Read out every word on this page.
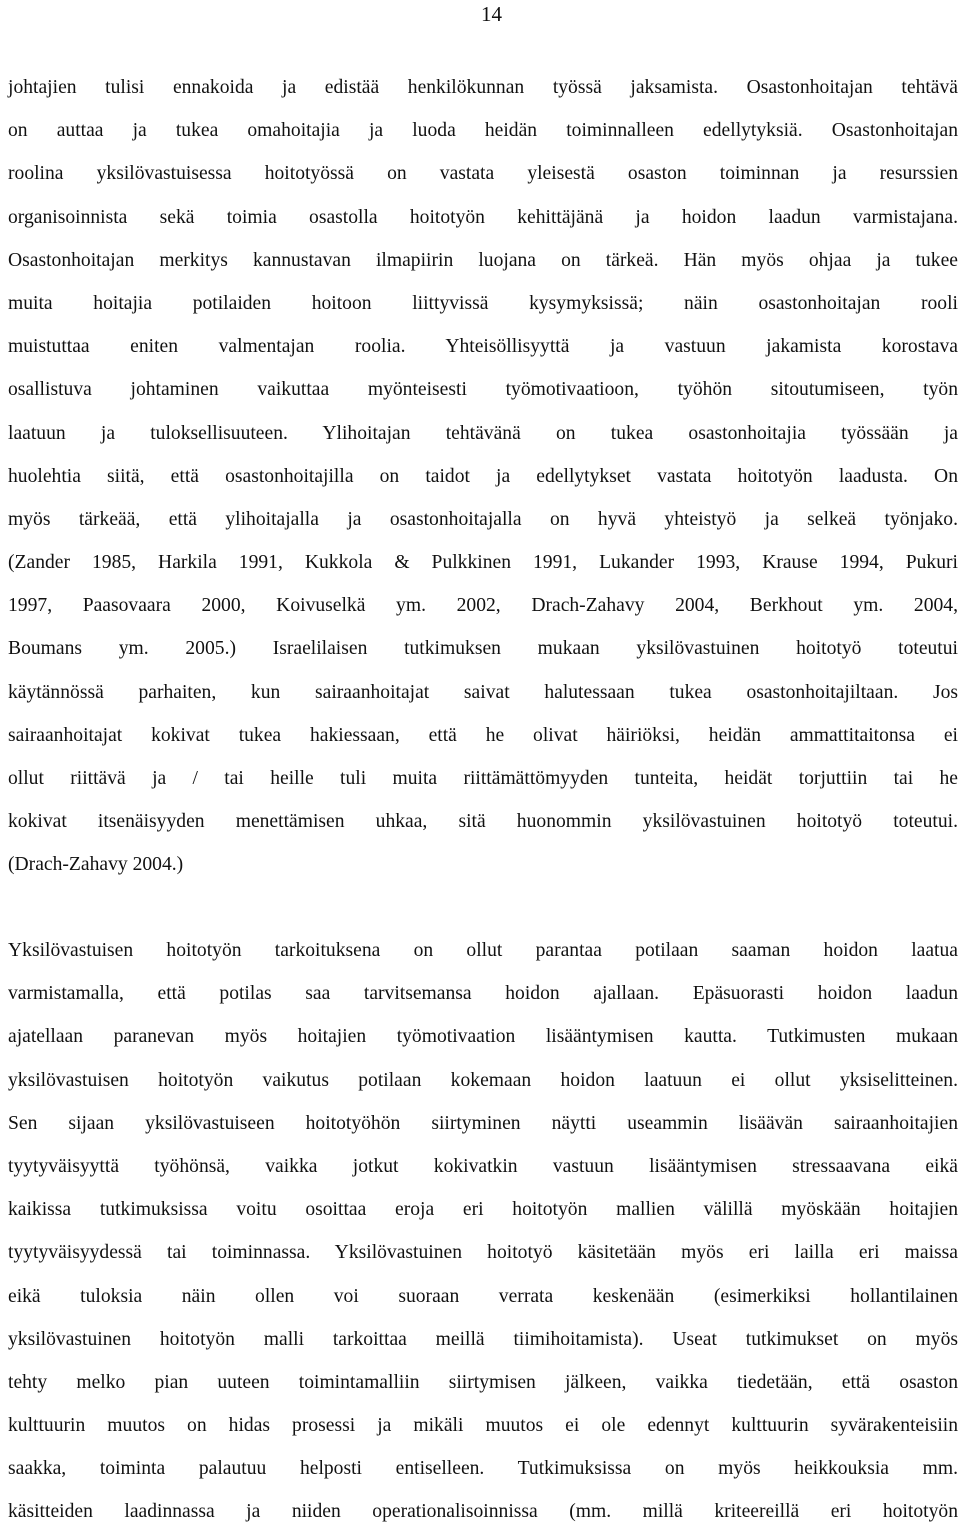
14
johtajien tulisi ennakoida ja edistää henkilökunnan työssä jaksamista. Osastonhoitajan tehtävä
on auttaa ja tukea omahoitajia ja luoda heidän toiminnalleen edellytyksiä. Osastonhoitajan
roolina yksilövastuisessa hoitotyössä on vastata yleisestä osaston toiminnan ja resurssien
organisoinnista sekä toimia osastolla hoitotyön kehittäjänä ja hoidon laadun varmistajana.
Osastonhoitajan merkitys kannustavan ilmapiirin luojana on tärkeä. Hän myös ohjaa ja tukee
muita hoitajia potilaiden hoitoon liittyvissä kysymyksissä; näin osastonhoitajan rooli
muistuttaa eniten valmentajan roolia. Yhteisöllisyyttä ja vastuun jakamista korostava
osallistuva johtaminen vaikuttaa myönteisesti työmotivaatioon, työhön sitoutumiseen, työn
laatuun ja tuloksellisuuteen. Ylihoitajan tehtävänä on tukea osastonhoitajia työssään ja
huolehtia siitä, että osastonhoitajilla on taidot ja edellytykset vastata hoitotyön laadusta. On
myös tärkeää, että ylihoitajalla ja osastonhoitajalla on hyvä yhteistyö ja selkeä työnjako.
(Zander 1985, Harkila 1991, Kukkola & Pulkkinen 1991, Lukander 1993, Krause 1994, Pukuri
1997, Paasovaara 2000, Koivuselkä ym. 2002, Drach-Zahavy 2004, Berkhout ym. 2004,
Boumans ym. 2005.) Israelilaisen tutkimuksen mukaan yksilövastuinen hoitotyö toteutui
käytännössä parhaiten, kun sairaanhoitajat saivat halutessaan tukea osastonhoitajiltaan. Jos
sairaanhoitajat kokivat tukea hakiessaan, että he olivat häiriöksi, heidän ammattitaitonsa ei
ollut riittävä ja / tai heille tuli muita riittämättömyyden tunteita, heidät torjuttiin tai he
kokivat itsenäisyyden menettämisen uhkaa, sitä huonommin yksilövastuinen hoitotyö toteutui.
(Drach-Zahavy 2004.)
Yksilövastuisen hoitotyön tarkoituksena on ollut parantaa potilaan saaman hoidon laatua
varmistamalla, että potilas saa tarvitsemansa hoidon ajallaan. Epäsuorasti hoidon laadun
ajatellaan paranevan myös hoitajien työmotivaation lisääntymisen kautta. Tutkimusten mukaan
yksilövastuisen hoitotyön vaikutus potilaan kokemaan hoidon laatuun ei ollut yksiselitteinen.
Sen sijaan yksilövastuiseen hoitotyöhön siirtyminen näytti useammin lisäävän sairaanhoitajien
tyytyväisyyttä työhönsä, vaikka jotkut kokivatkin vastuun lisääntymisen stressaavana eikä
kaikissa tutkimuksissa voitu osoittaa eroja eri hoitotyön mallien välillä myöskään hoitajien
tyytyväisyydessä tai toiminnassa. Yksilövastuinen hoitotyö käsitetään myös eri lailla eri maissa
eikä tuloksia näin ollen voi suoraan verrata keskenään (esimerkiksi hollantilainen
yksilövastuinen hoitotyön malli tarkoittaa meillä tiimihoitamista). Useat tutkimukset on myös
tehty melko pian uuteen toimintamalliin siirtymisen jälkeen, vaikka tiedetään, että osaston
kulttuurin muutos on hidas prosessi ja mikäli muutos ei ole edennyt kulttuurin syvärakenteisiin
saakka, toiminta palautuu helposti entiselleen. Tutkimuksissa on myös heikkouksia mm.
käsitteiden laadinnassa ja niiden operationalisoinnissa (mm. millä kriteereillä eri hoitotyön
